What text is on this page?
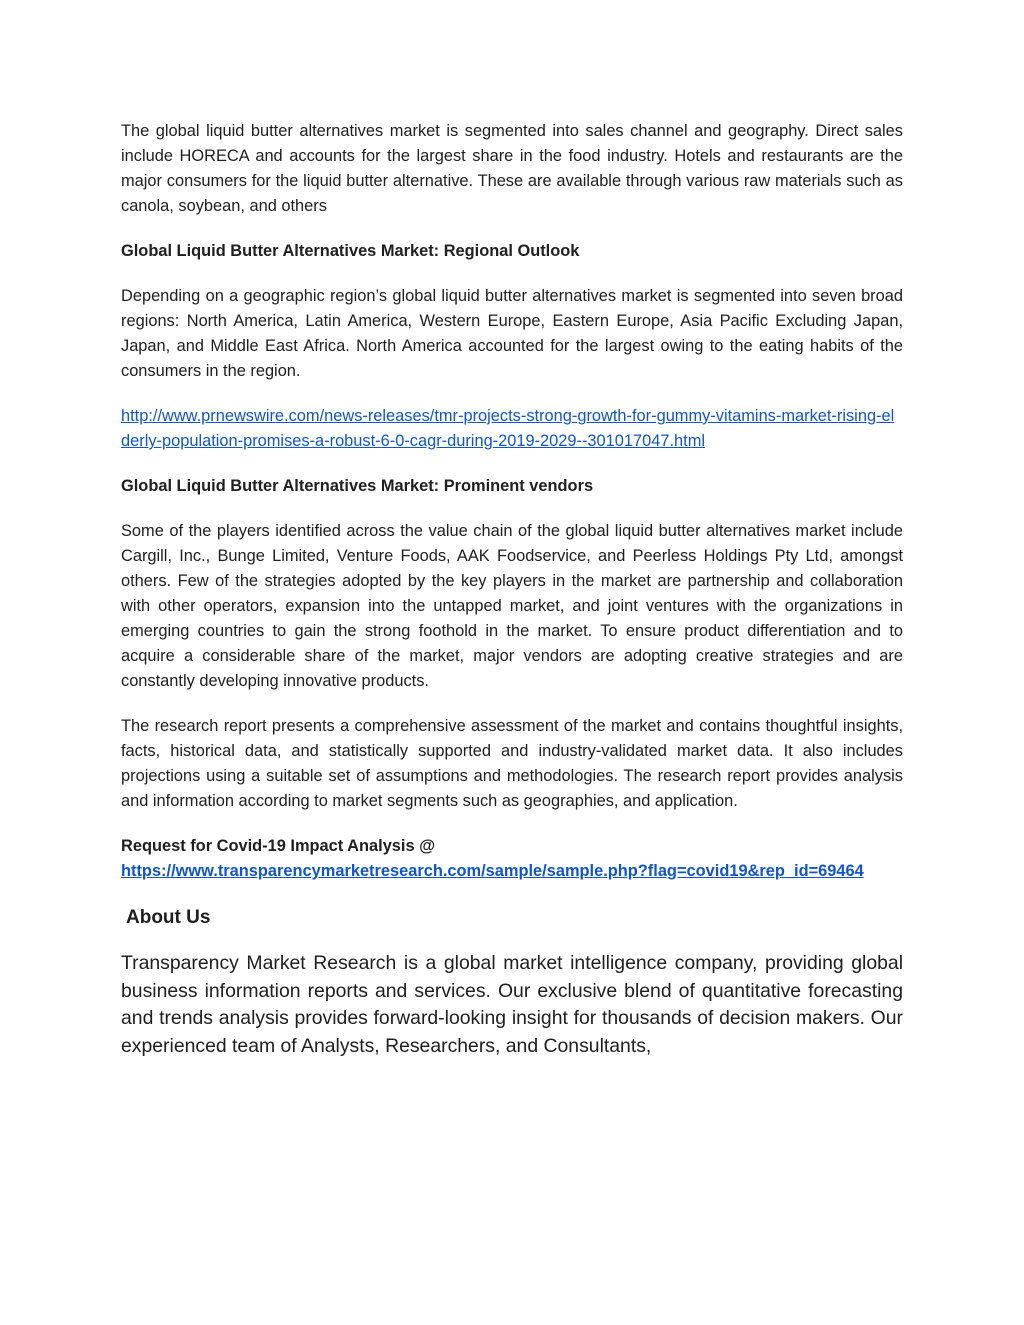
The global liquid butter alternatives market is segmented into sales channel and geography. Direct sales include HORECA and accounts for the largest share in the food industry. Hotels and restaurants are the major consumers for the liquid butter alternative. These are available through various raw materials such as canola, soybean, and others

Global Liquid Butter Alternatives Market: Regional Outlook

Depending on a geographic region’s global liquid butter alternatives market is segmented into seven broad regions: North America, Latin America, Western Europe, Eastern Europe, Asia Pacific Excluding Japan, Japan, and Middle East Africa. North America accounted for the largest owing to the eating habits of the consumers in the region.

http://www.prnewswire.com/news-releases/tmr-projects-strong-growth-for-gummy-vitamins-market-rising-elderly-population-promises-a-robust-6-0-cagr-during-2019-2029--301017047.html

Global Liquid Butter Alternatives Market: Prominent vendors

Some of the players identified across the value chain of the global liquid butter alternatives market include Cargill, Inc., Bunge Limited, Venture Foods, AAK Foodservice, and Peerless Holdings Pty Ltd, amongst others. Few of the strategies adopted by the key players in the market are partnership and collaboration with other operators, expansion into the untapped market, and joint ventures with the organizations in emerging countries to gain the strong foothold in the market. To ensure product differentiation and to acquire a considerable share of the market, major vendors are adopting creative strategies and are constantly developing innovative products.

The research report presents a comprehensive assessment of the market and contains thoughtful insights, facts, historical data, and statistically supported and industry-validated market data. It also includes projections using a suitable set of assumptions and methodologies. The research report provides analysis and information according to market segments such as geographies, and application.

Request for Covid-19 Impact Analysis @
https://www.transparencymarketresearch.com/sample/sample.php?flag=covid19&rep_id=69464

About Us

Transparency Market Research is a global market intelligence company, providing global business information reports and services. Our exclusive blend of quantitative forecasting and trends analysis provides forward-looking insight for thousands of decision makers. Our experienced team of Analysts, Researchers, and Consultants,
